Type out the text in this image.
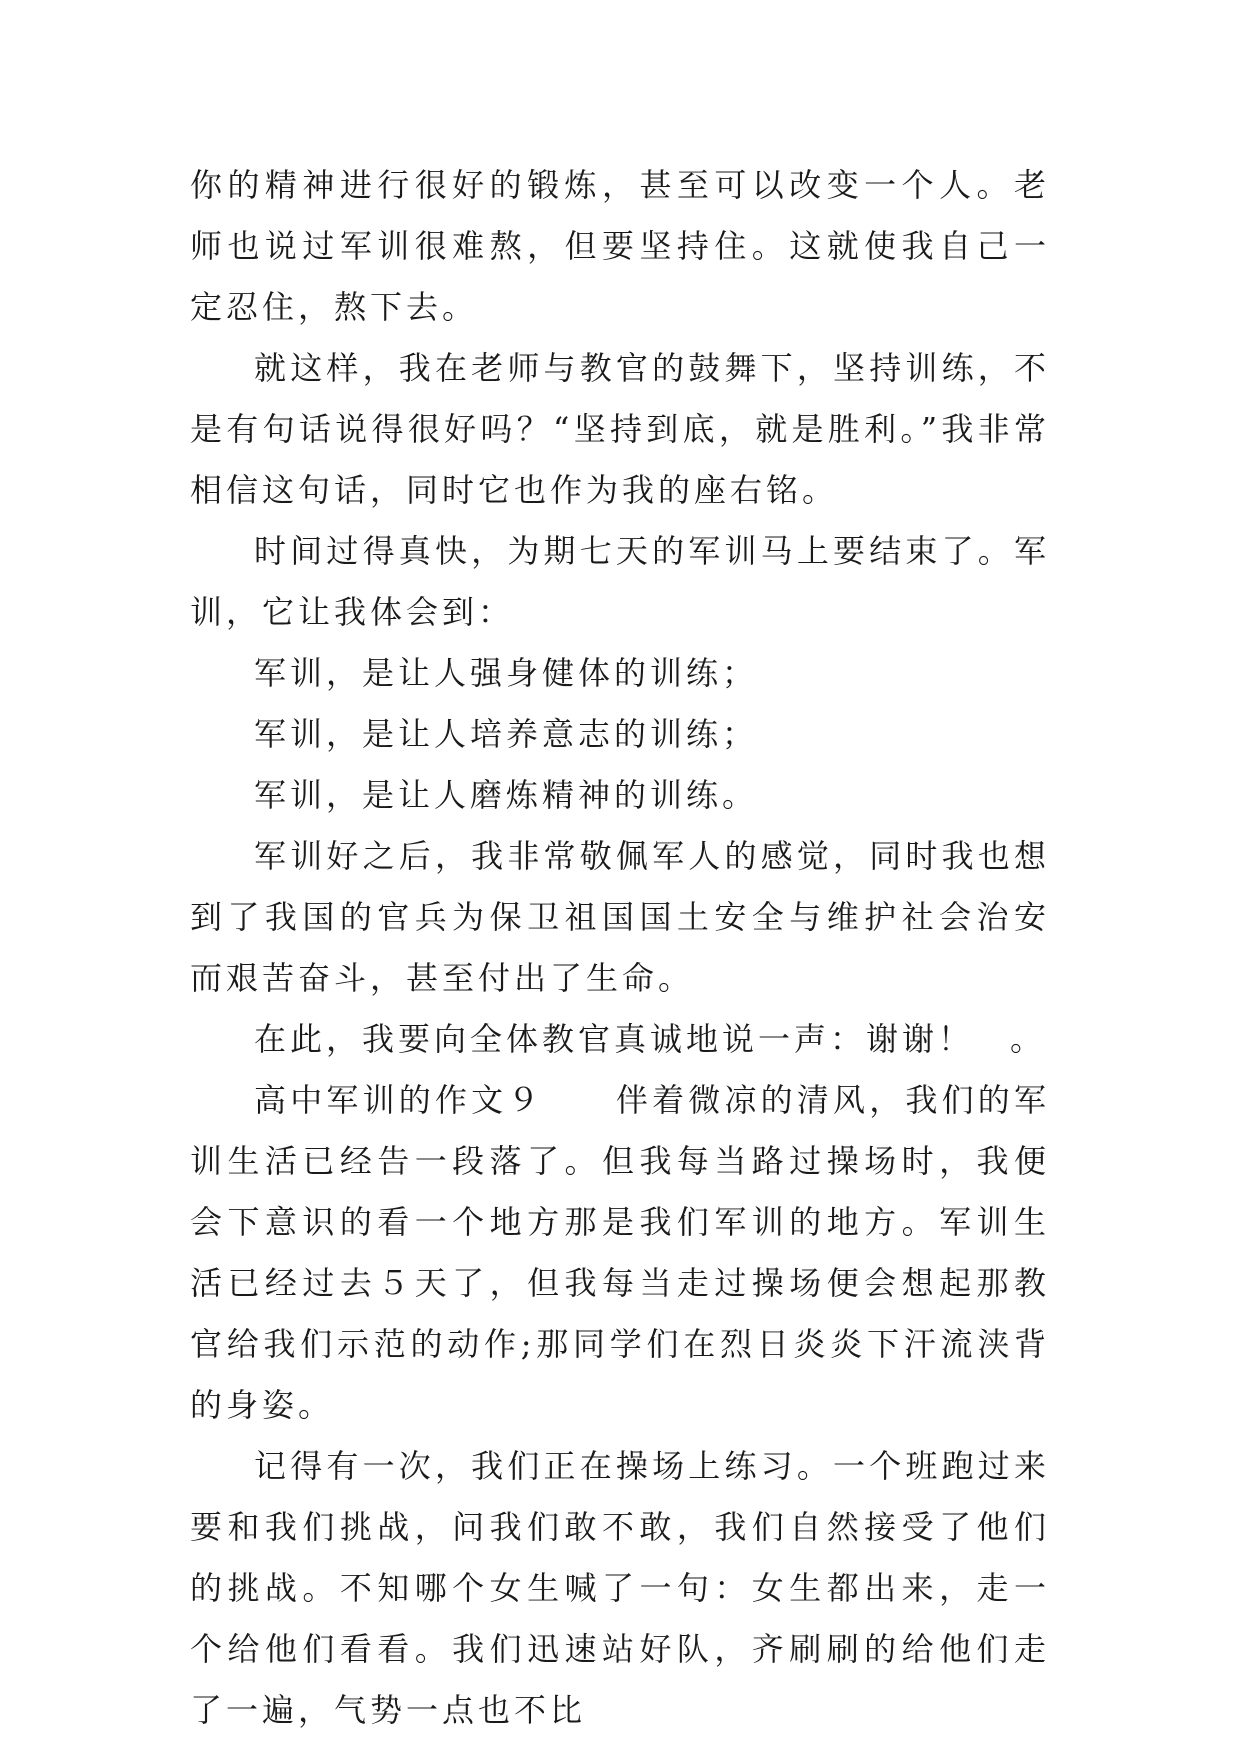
你的精神进行很好的锻炼，甚至可以改变一个人。老师也说过军训很难熬，但要坚持住。这就使我自己一定忍住，熬下去。

就这样，我在老师与教官的鼓舞下，坚持训练，不是有句话说得很好吗？“坚持到底，就是胜利。”我非常相信这句话，同时它也作为我的座右铭。

时间过得真快，为期七天的军训马上要结束了。军训，它让我体会到：

军训，是让人强身健体的训练；

军训，是让人培养意志的训练；

军训，是让人磨炼精神的训练。

军训好之后，我非常敬佩军人的感觉，同时我也想到了我国的官兵为保卫祖国国土安全与维护社会治安而艰苦奋斗，甚至付出了生命。

在此，我要向全体教官真诚地说一声：谢谢！　。

高中军训的作文９　　伴着微凉的清风，我们的军训生活已经告一段落了。但我每当路过操场时，我便会下意识的看一个地方那是我们军训的地方。军训生活已经过去５天了，但我每当走过操场便会想起那教官给我们示范的动作;那同学们在烈日炎炎下汗流浃背的身姿。

记得有一次，我们正在操场上练习。一个班跑过来要和我们挑战，问我们敢不敢，我们自然接受了他们的挑战。不知哪个女生喊了一句：女生都出来，走一个给他们看看。我们迅速站好队，齐刷刷的给他们走了一遍，气势一点也不比
